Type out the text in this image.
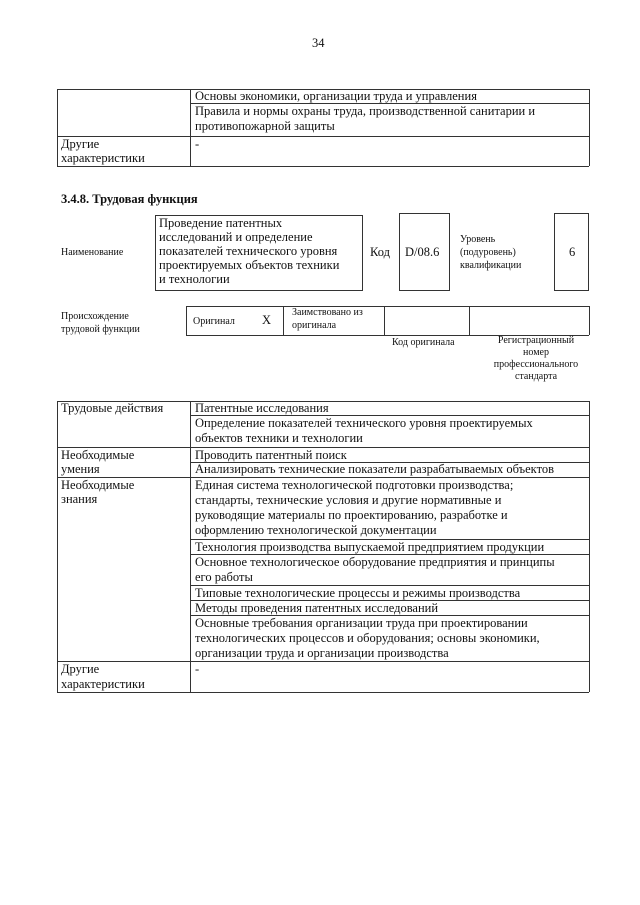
34
Основы экономики, организации труда и управления
Правила и нормы охраны труда, производственной санитарии и
противопожарной защиты
Другие
характеристики
-
3.4.8. Трудовая функция
Наименование
Проведение патентных
исследований и определение
показателей технического уровня
проектируемых объектов техники
и технологии
Код D/08.6
Уровень
(подуровень)
квалификации
6
Происхождение
трудовой функции
Оригинал X
Заимствовано из
оригинала
Код оригинала	Регистрационный
номер
профессионального
стандарта
Трудовые действия
Необходимые
умения
Необходимые
знания
Другие
характеристики
Патентные исследования
Определение показателей технического уровня проектируемых
объектов техники и технологии
Проводить патентный поиск
Анализировать технические показатели разрабатываемых объектов
Единая система технологической подготовки производства;
стандарты, технические условия и другие нормативные и
руководящие материалы по проектированию, разработке и
оформлению технологической документации
Технология производства выпускаемой предприятием продукции
Основное технологическое оборудование предприятия и принципы
его работы
Типовые технологические процессы и режимы производства
Методы проведения патентных исследований
Основные требования организации труда при проектировании
технологических процессов и оборудования; основы экономики,
организации труда и организации производства
-
